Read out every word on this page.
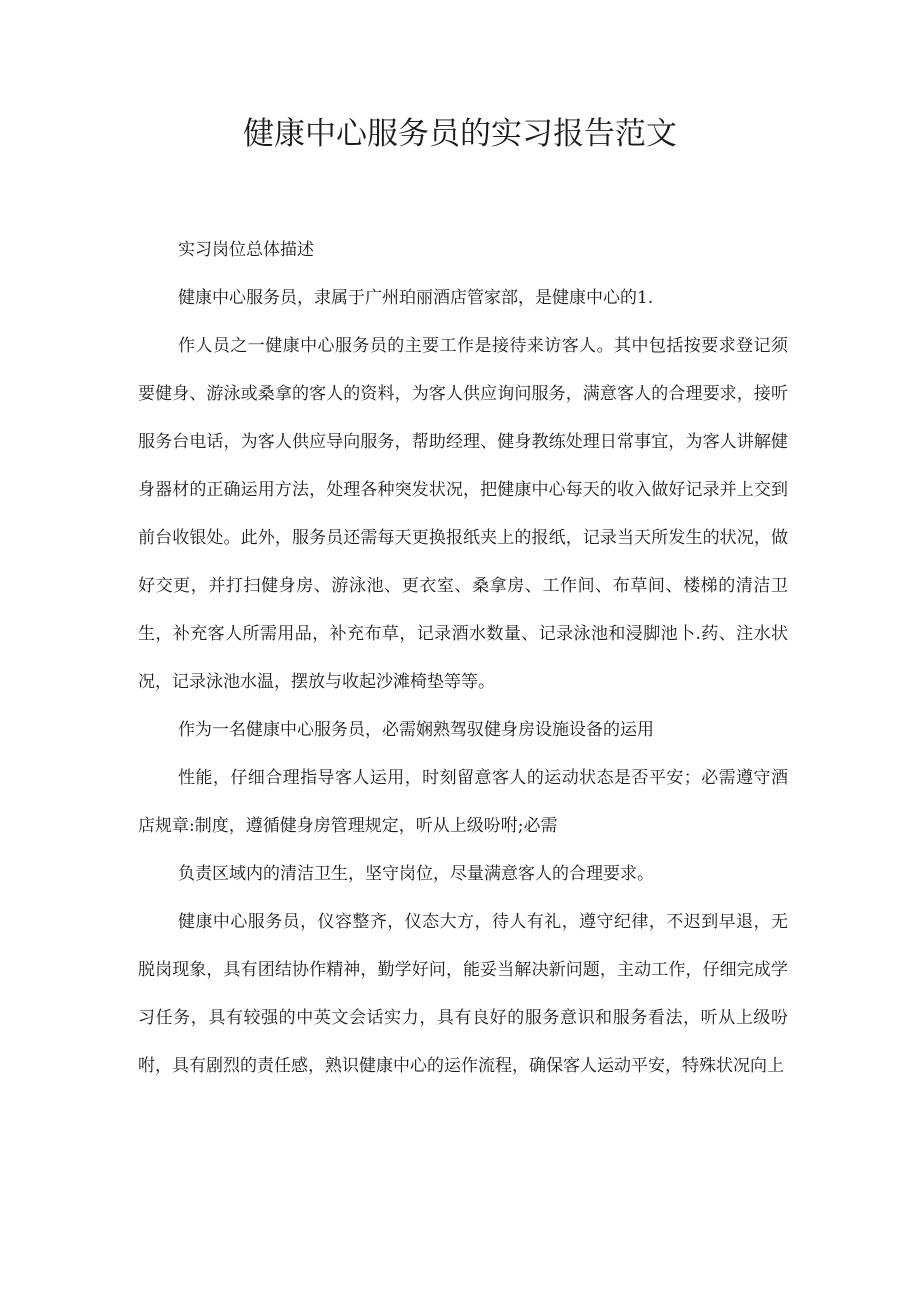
健康中心服务员的实习报告范文

实习岗位总体描述

健康中心服务员，隶属于广州珀丽酒店管家部，是健康中心的1.

作人员之一健康中心服务员的主要工作是接待来访客人。其中包括按要求登记须要健身、游泳或桑拿的客人的资料，为客人供应询问服务，满意客人的合理要求，接听服务台电话，为客人供应导向服务，帮助经理、健身教练处理日常事宜，为客人讲解健身器材的正确运用方法，处理各种突发状况，把健康中心每天的收入做好记录并上交到前台收银处。此外，服务员还需每天更换报纸夹上的报纸，记录当天所发生的状况，做好交更，并打扫健身房、游泳池、更衣室、桑拿房、工作间、布草间、楼梯的清洁卫生，补充客人所需用品，补充布草，记录酒水数量、记录泳池和浸脚池卜.药、注水状况，记录泳池水温，摆放与收起沙滩椅垫等等。

作为一名健康中心服务员，必需娴熟驾驭健身房设施设备的运用

性能，仔细合理指导客人运用，时刻留意客人的运动状态是否平安；必需遵守酒店规章:制度，遵循健身房管理规定，听从上级吩咐;必需

负责区域内的清洁卫生，坚守岗位，尽量满意客人的合理要求。

健康中心服务员，仪容整齐，仪态大方，待人有礼，遵守纪律，不迟到早退，无脱岗现象，具有团结协作精神，勤学好问，能妥当解决新问题，主动工作，仔细完成学习任务，具有较强的中英文会话实力，具有良好的服务意识和服务看法，听从上级吩咐，具有剧烈的责任感，熟识健康中心的运作流程，确保客人运动平安，特殊状况向上
